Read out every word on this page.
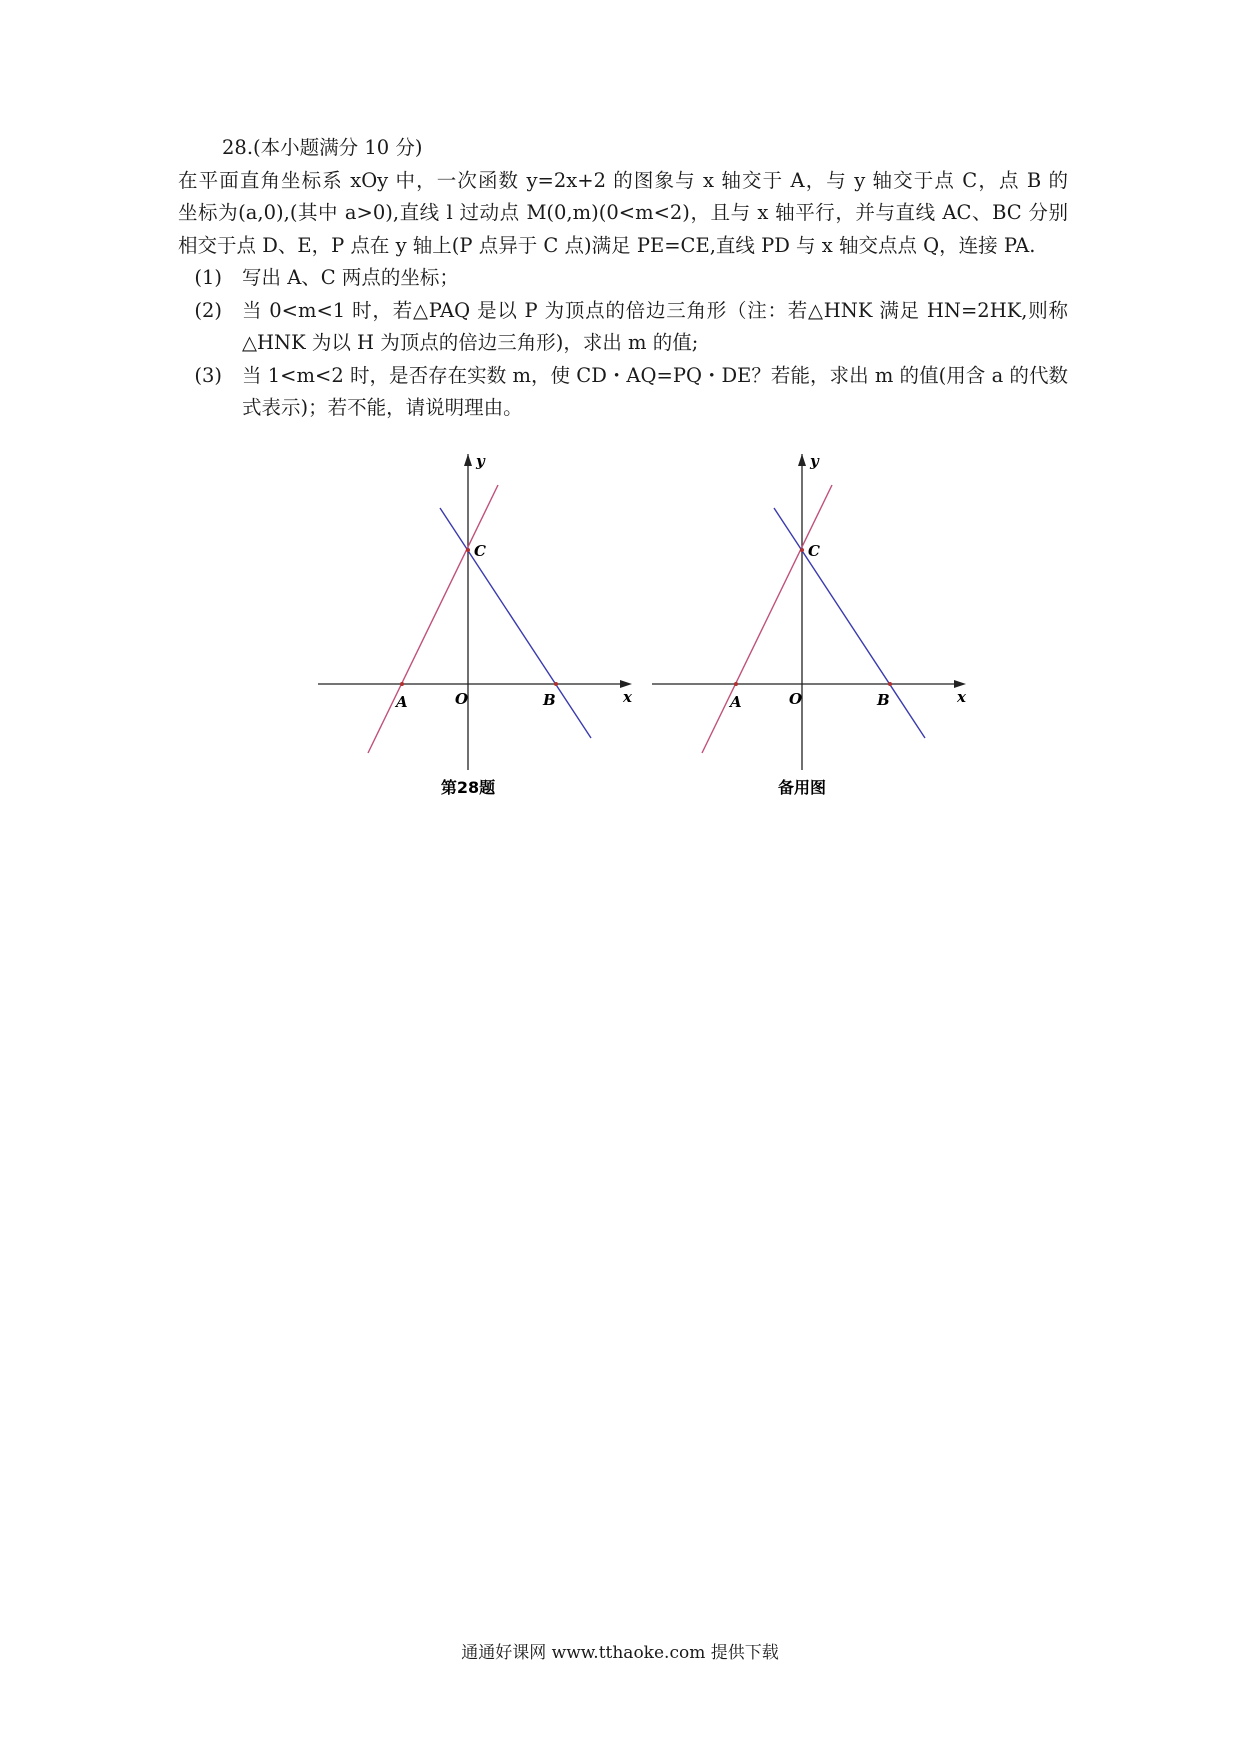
28.(本小题满分 10 分)
在平面直角坐标系 xOy 中，一次函数 y=2x+2 的图象与 x 轴交于 A，与 y 轴交于点 C，点 B 的
坐标为(a,0),(其中 a>0),直线 l 过动点 M(0,m)(0<m<2)，且与 x 轴平行，并与直线 AC、BC 分别
相交于点 D、E，P 点在 y 轴上(P 点异于 C 点)满足 PE=CE,直线 PD 与 x 轴交点点 Q，连接 PA.
(1)	写出 A、C 两点的坐标；
(2)	当 0<m<1 时，若△PAQ 是以 P 为顶点的倍边三角形（注：若△HNK 满足 HN=2HK,则称
△HNK 为以 H 为顶点的倍边三角形)，求出 m 的值;
(3)	当 1<m<2 时，是否存在实数 m，使 CD・AQ=PQ・DE？若能，求出 m 的值(用含 a 的代数
式表示)；若不能，请说明理由。
y
C
A	O	B	x
第28题
y
C
A	O	B	x
备用图
通通好课网 www.tthaoke.com 提供下载
